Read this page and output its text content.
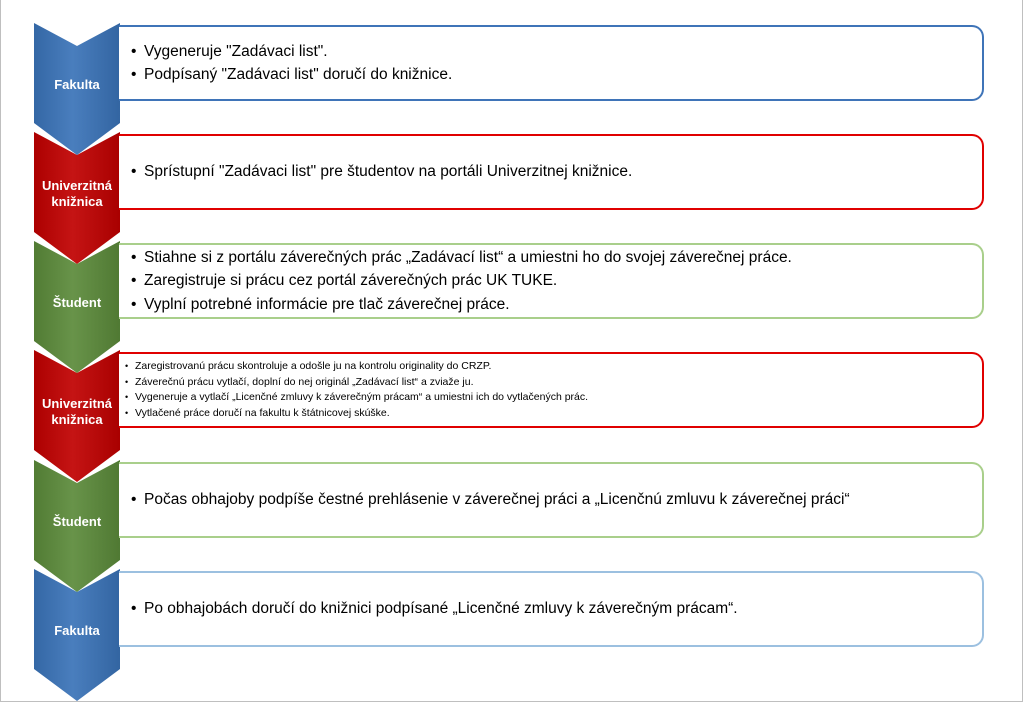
Fakulta
• Vygeneruje "Zadávaci list".
• Podpísaný "Zadávaci list" doručí do knižnice.
Univerzitná knižnica
• Sprístupní "Zadávaci list" pre študentov na portáli Univerzitnej knižnice.
Študent
• Stiahne si z portálu záverečných prác „Zadávací list“ a umiestni ho do svojej záverečnej práce.
• Zaregistruje si prácu cez portál záverečných prác UK TUKE.
• Vyplní potrebné informácie pre tlač záverečnej práce.
Univerzitná knižnica
• Zaregistrovanú prácu skontroluje a odošle ju na kontrolu originality do CRZP.
• Záverečnú prácu vytlačí, doplní do nej originál „Zadávací list“ a zviaže ju.
• Vygeneruje a vytlačí „Licenčné zmluvy k záverečným prácam“ a umiestni ich do vytlačených prác.
• Vytlačené práce doručí na fakultu k štátnicovej skúške.
Študent
• Počas obhajoby podpíše čestné prehlásenie v záverečnej práci a „Licenčnú zmluvu k záverečnej práci“
Fakulta
• Po obhajobách doručí do knižnici podpísané „Licenčné zmluvy k záverečným prácam“.
